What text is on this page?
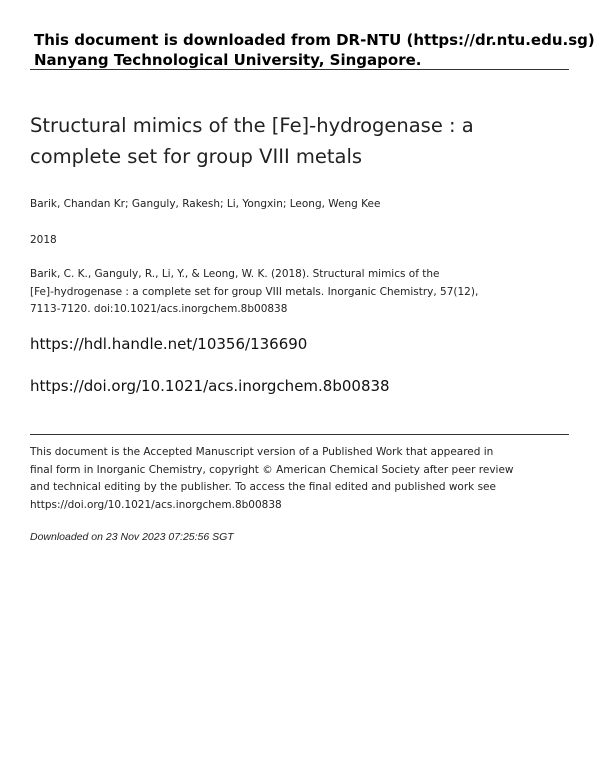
This document is downloaded from DR-NTU (https://dr.ntu.edu.sg)
Nanyang Technological University, Singapore.
Structural mimics of the [Fe]-hydrogenase : a
complete set for group VIII metals
Barik, Chandan Kr; Ganguly, Rakesh; Li, Yongxin; Leong, Weng Kee
2018
Barik, C. K., Ganguly, R., Li, Y., & Leong, W. K. (2018). Structural mimics of the
[Fe]-hydrogenase : a complete set for group VIII metals. Inorganic Chemistry, 57(12),
7113-7120. doi:10.1021/acs.inorgchem.8b00838
https://hdl.handle.net/10356/136690
https://doi.org/10.1021/acs.inorgchem.8b00838
This document is the Accepted Manuscript version of a Published Work that appeared in
final form in Inorganic Chemistry, copyright © American Chemical Society after peer review
and technical editing by the publisher. To access the final edited and published work see
https://doi.org/10.1021/acs.inorgchem.8b00838
Downloaded on 23 Nov 2023 07:25:56 SGT
